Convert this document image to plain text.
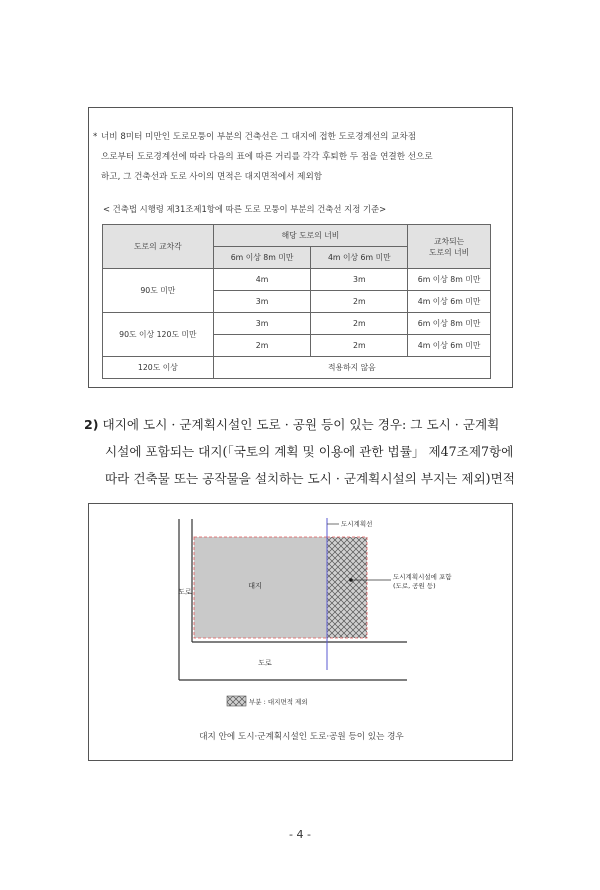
* 너비 8미터 미만인 도로모퉁이 부분의 건축선은 그 대지에 접한 도로경계선의 교차점
으로부터 도로경계선에 따라 다음의 표에 따른 거리를 각각 후퇴한 두 점을 연결한 선으로
하고, 그 건축선과 도로 사이의 면적은 대지면적에서 제외함
< 건축법 시행령 제31조제1항에 따른 도로 모퉁이 부분의 건축선 지정 기준>
도로의 교차각	해당 도로의 너비		교차되는
도로의 너비

	6m 이상 8m 미만	4m 이상 6m 미만	
90도 미만	4m	3m	6m 이상 8m 미만
	3m	2m	4m 이상 6m 미만
90도 이상 120도 미만	3m	2m	6m 이상 8m 미만
	2m	2m	4m 이상 6m 미만
120도 이상	적용하지 않음		
2) 대지에 도시 · 군계획시설인 도로 · 공원 등이 있는 경우: 그 도시 · 군계획
시설에 포함되는 대지(「국토의 계획 및 이용에 관한 법률」 제47조제7항에
따라 건축물 또는 공작물을 설치하는 도시 · 군계획시설의 부지는 제외)면적
도시계획선
대지
도로
도로
도시계획시설에 포함
(도로, 공원 등)
부분 : 대지면적 제외
대지 안에 도시·군계획시설인 도로·공원 등이 있는 경우
- 4 -
